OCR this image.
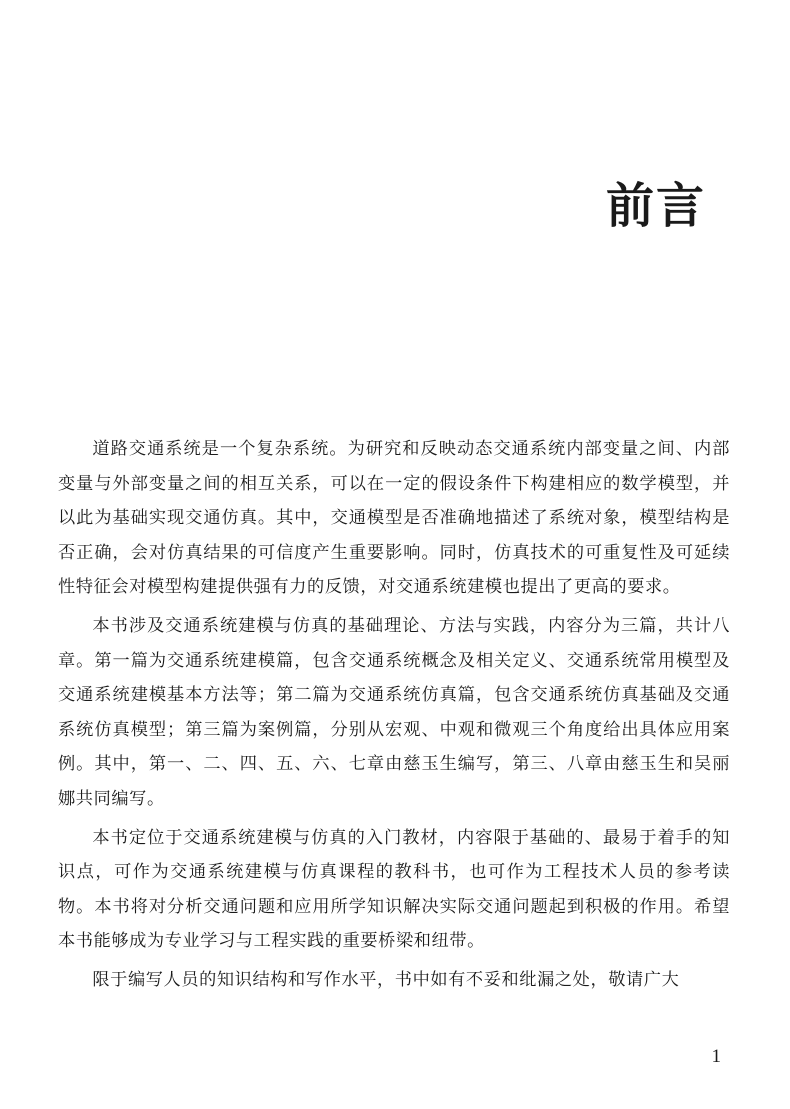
前言

道路交通系统是一个复杂系统。为研究和反映动态交通系统内部变量之间、内部变量与外部变量之间的相互关系，可以在一定的假设条件下构建相应的数学模型，并以此为基础实现交通仿真。其中，交通模型是否准确地描述了系统对象，模型结构是否正确，会对仿真结果的可信度产生重要影响。同时，仿真技术的可重复性及可延续性特征会对模型构建提供强有力的反馈，对交通系统建模也提出了更高的要求。

本书涉及交通系统建模与仿真的基础理论、方法与实践，内容分为三篇，共计八章。第一篇为交通系统建模篇，包含交通系统概念及相关定义、交通系统常用模型及交通系统建模基本方法等；第二篇为交通系统仿真篇，包含交通系统仿真基础及交通系统仿真模型；第三篇为案例篇，分别从宏观、中观和微观三个角度给出具体应用案例。其中，第一、二、四、五、六、七章由慈玉生编写，第三、八章由慈玉生和吴丽娜共同编写。

本书定位于交通系统建模与仿真的入门教材，内容限于基础的、最易于着手的知识点，可作为交通系统建模与仿真课程的教科书，也可作为工程技术人员的参考读物。本书将对分析交通问题和应用所学知识解决实际交通问题起到积极的作用。希望本书能够成为专业学习与工程实践的重要桥梁和纽带。

限于编写人员的知识结构和写作水平，书中如有不妥和纰漏之处，敬请广大

1
